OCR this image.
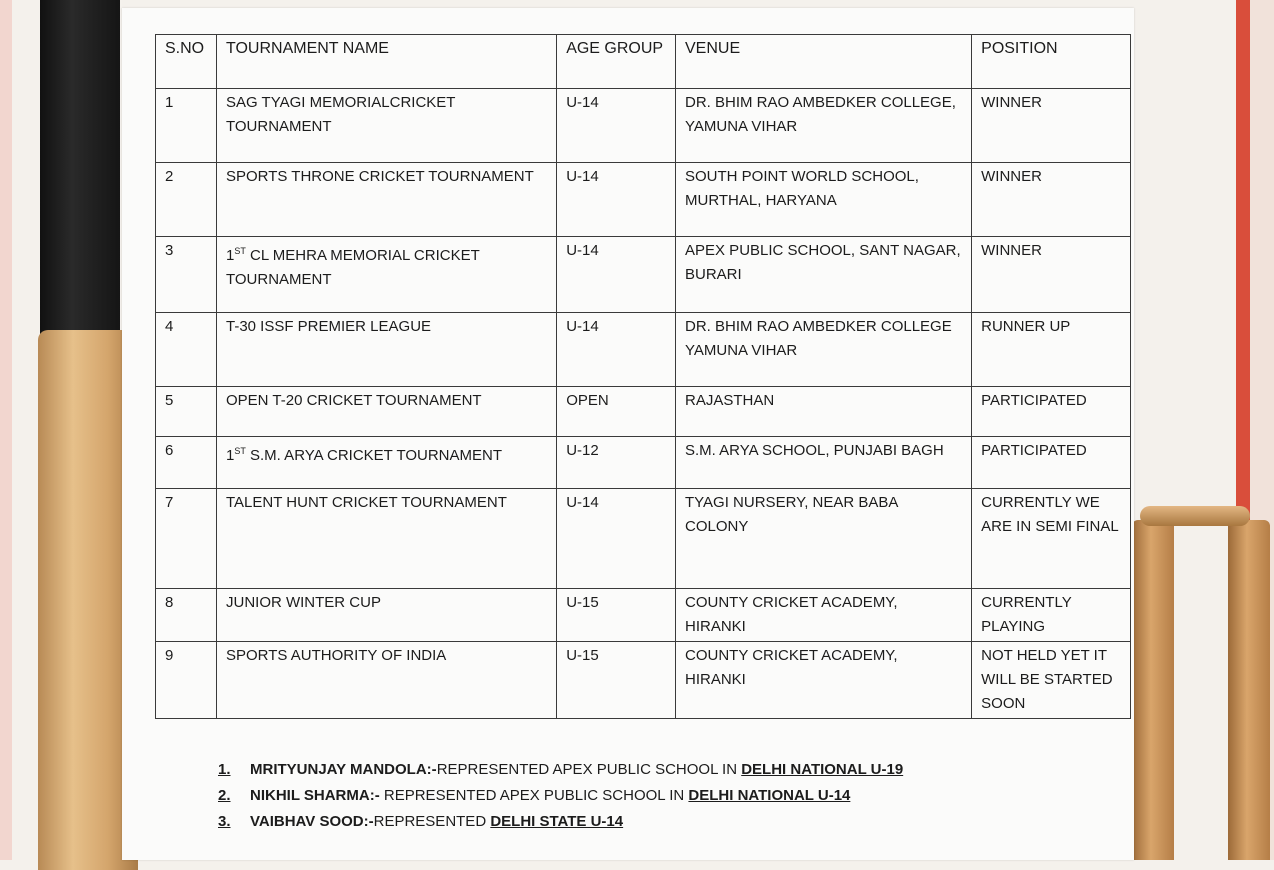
S.NO	TOURNAMENT NAME	AGE GROUP	VENUE	POSITION
1	SAG TYAGI MEMORIALCRICKET TOURNAMENT	U-14	DR. BHIM RAO AMBEDKER COLLEGE, YAMUNA VIHAR	WINNER
2	SPORTS THRONE CRICKET TOURNAMENT	U-14	SOUTH POINT WORLD SCHOOL, MURTHAL, HARYANA	WINNER
3	1ST CL MEHRA MEMORIAL CRICKET TOURNAMENT	U-14	APEX PUBLIC SCHOOL, SANT NAGAR, BURARI	WINNER
4	T-30 ISSF PREMIER LEAGUE	U-14	DR. BHIM RAO AMBEDKER COLLEGE YAMUNA VIHAR	RUNNER UP
5	OPEN T-20 CRICKET TOURNAMENT	OPEN	RAJASTHAN	PARTICIPATED
6	1ST S.M. ARYA CRICKET TOURNAMENT	U-12	S.M. ARYA SCHOOL, PUNJABI BAGH	PARTICIPATED
7	TALENT HUNT CRICKET TOURNAMENT	U-14	TYAGI NURSERY, NEAR BABA COLONY	CURRENTLY WE ARE IN SEMI FINAL
8	JUNIOR WINTER CUP	U-15	COUNTY CRICKET ACADEMY, HIRANKI	CURRENTLY PLAYING
9	SPORTS AUTHORITY OF INDIA	U-15	COUNTY CRICKET ACADEMY, HIRANKI	NOT HELD YET IT WILL BE STARTED SOON
1. MRITYUNJAY MANDOLA:-REPRESENTED APEX PUBLIC SCHOOL IN DELHI NATIONAL U-19
2. NIKHIL SHARMA:- REPRESENTED APEX PUBLIC SCHOOL IN DELHI NATIONAL U-14
3. VAIBHAV SOOD:-REPRESENTED DELHI STATE U-14
